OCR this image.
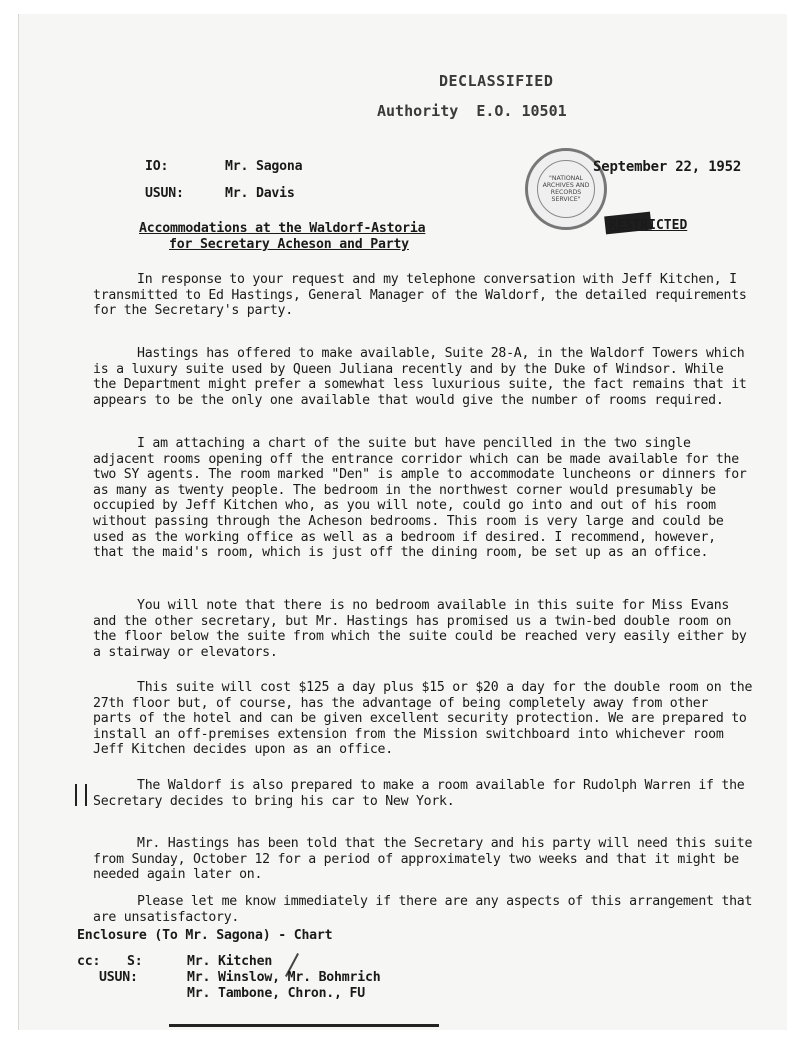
DECLASSIFIED
Authority  E.O. 10501
IO:	Mr. Sagona
USUN:	Mr. Davis
"NATIONAL ARCHIVES AND RECORDS SERVICE"
September 22, 1952
Accommodations at the Waldorf-Astoria
for Secretary Acheson and Party
RESTRICTED
In response to your request and my telephone conversation with Jeff Kitchen, I transmitted to Ed Hastings, General Manager of the Waldorf, the detailed requirements for the Secretary's party.
Hastings has offered to make available, Suite 28-A, in the Waldorf Towers which is a luxury suite used by Queen Juliana recently and by the Duke of Windsor. While the Department might prefer a somewhat less luxurious suite, the fact remains that it appears to be the only one available that would give the number of rooms required.
I am attaching a chart of the suite but have pencilled in the two single adjacent rooms opening off the entrance corridor which can be made available for the two SY agents. The room marked "Den" is ample to accommodate luncheons or dinners for as many as twenty people. The bedroom in the northwest corner would presumably be occupied by Jeff Kitchen who, as you will note, could go into and out of his room without passing through the Acheson bedrooms. This room is very large and could be used as the working office as well as a bedroom if desired. I recommend, however, that the maid's room, which is just off the dining room, be set up as an office.
You will note that there is no bedroom available in this suite for Miss Evans and the other secretary, but Mr. Hastings has promised us a twin-bed double room on the floor below the suite from which the suite could be reached very easily either by a stairway or elevators.
This suite will cost $125 a day plus $15 or $20 a day for the double room on the 27th floor but, of course, has the advantage of being completely away from other parts of the hotel and can be given excellent security protection. We are prepared to install an off-premises extension from the Mission switchboard into whichever room Jeff Kitchen decides upon as an office.
The Waldorf is also prepared to make a room available for Rudolph Warren if the Secretary decides to bring his car to New York.
Mr. Hastings has been told that the Secretary and his party will need this suite from Sunday, October 12 for a period of approximately two weeks and that it might be needed again later on.
Please let me know immediately if there are any aspects of this arrangement that are unsatisfactory.
Enclosure (To Mr. Sagona) - Chart
cc: S:	Mr. Kitchen
USUN:	Mr. Winslow, Mr. Bohmrich
Mr. Tambone, Chron., FU
